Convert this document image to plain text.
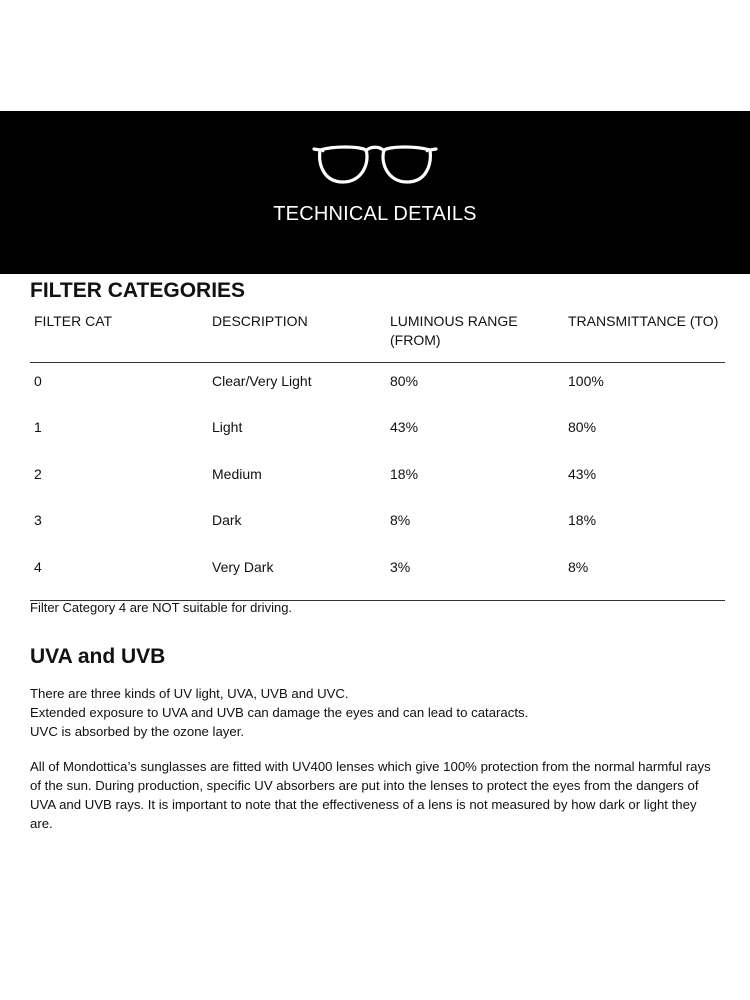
TECHNICAL DETAILS
FILTER CATEGORIES
FILTER CAT	DESCRIPTION	LUMINOUS RANGE (FROM)	TRANSMITTANCE (TO)
0	Clear/Very Light	80%	100%
1	Light	43%	80%
2	Medium	18%	43%
3	Dark	8%	18%
4	Very Dark	3%	8%

Filter Category 4 are NOT suitable for driving.

UVA and UVB

There are three kinds of UV light, UVA, UVB and UVC.
Extended exposure to UVA and UVB can damage the eyes and can lead to cataracts.
UVC is absorbed by the ozone layer.

All of Mondottica’s sunglasses are fitted with UV400 lenses which give 100% protection from the normal harmful rays of the sun. During production, specific UV absorbers are put into the lenses to protect the eyes from the dangers of UVA and UVB rays. It is important to note that the effectiveness of a lens is not measured by how dark or light they are.
